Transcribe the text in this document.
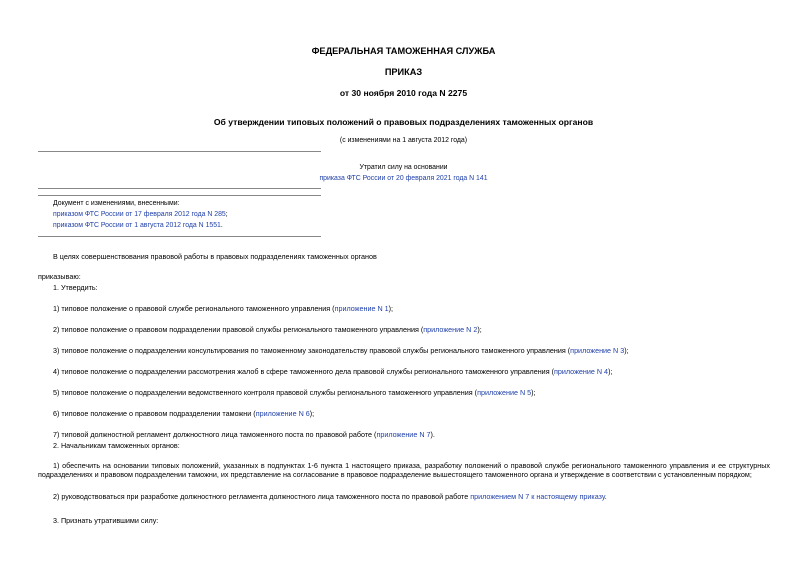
ФЕДЕРАЛЬНАЯ ТАМОЖЕННАЯ СЛУЖБА
ПРИКАЗ
от 30 ноября 2010 года N 2275
Об утверждении типовых положений о правовых подразделениях таможенных органов
(с изменениями на 1 августа 2012 года)
Утратил силу на основании
приказа ФТС России от 20 февраля 2021 года N 141
Документ с изменениями, внесенными:
приказом ФТС России от 17 февраля 2012 года N 285;
приказом ФТС России от 1 августа 2012 года N 1551.
В целях совершенствования правовой работы в правовых подразделениях таможенных органов
приказываю:
1. Утвердить:
1) типовое положение о правовой службе регионального таможенного управления (приложение N 1);
2) типовое положение о правовом подразделении правовой службы регионального таможенного управления (приложение N 2);
3) типовое положение о подразделении консультирования по таможенному законодательству правовой службы регионального таможенного управления (приложение N 3);
4) типовое положение о подразделении рассмотрения жалоб в сфере таможенного дела правовой службы регионального таможенного управления (приложение N 4);
5) типовое положение о подразделении ведомственного контроля правовой службы регионального таможенного управления (приложение N 5);
6) типовое положение о правовом подразделении таможни (приложение N 6);
7) типовой должностной регламент должностного лица таможенного поста по правовой работе (приложение N 7).
2. Начальникам таможенных органов:
1) обеспечить на основании типовых положений, указанных в подпунктах 1-6 пункта 1 настоящего приказа, разработку положений о правовой службе регионального таможенного управления и ее структурных подразделениях и правовом подразделении таможни, их представление на согласование в правовое подразделение вышестоящего таможенного органа и утверждение в соответствии с установленным порядком;
2) руководствоваться при разработке должностного регламента должностного лица таможенного поста по правовой работе приложением N 7 к настоящему приказу.
3. Признать утратившими силу:
